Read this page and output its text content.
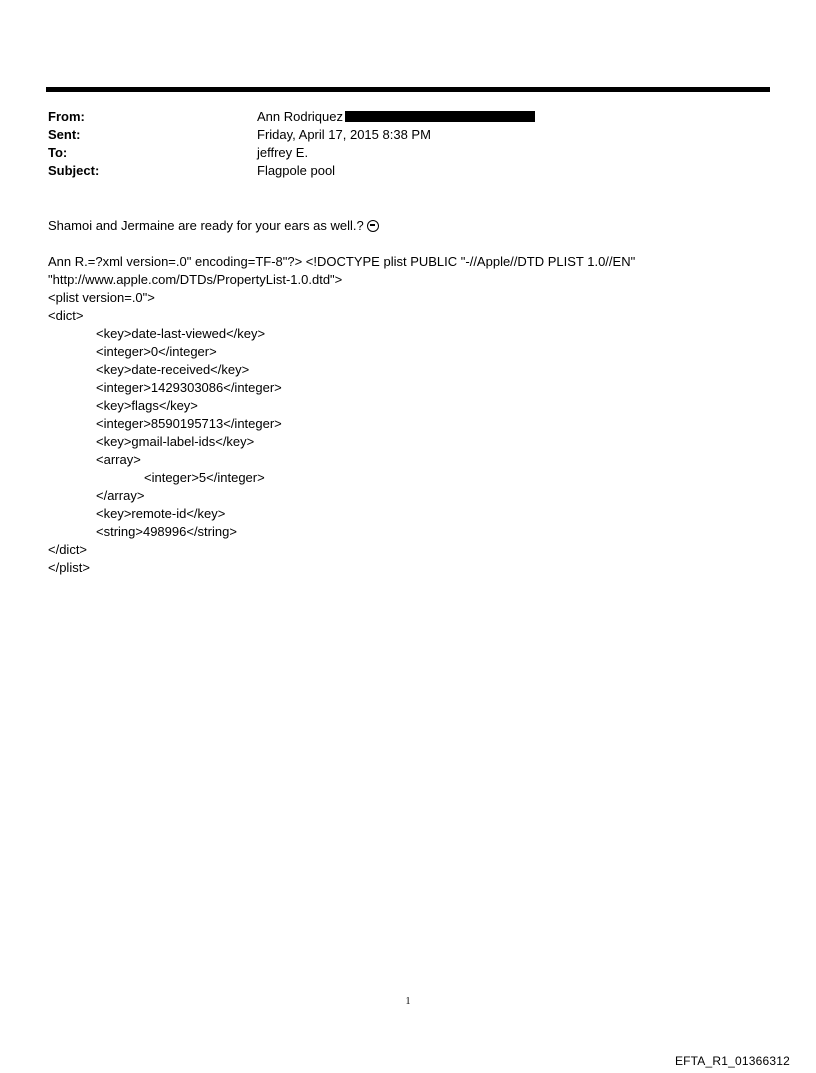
From:	Ann Rodriquez
Sent:	Friday, April 17, 2015 8:38 PM
To:	jeffrey E.
Subject:	Flagpole pool
Shamoi and Jermaine are ready for your ears as well.?
Ann R.=?xml version=.0" encoding=TF-8"?> <!DOCTYPE plist PUBLIC "-//Apple//DTD PLIST 1.0//EN"
"http://www.apple.com/DTDs/PropertyList-1.0.dtd">
<plist version=.0">
<dict>
<key>date-last-viewed</key>
<integer>0</integer>
<key>date-received</key>
<integer>1429303086</integer>
<key>flags</key>
<integer>8590195713</integer>
<key>gmail-label-ids</key>
<array>
<integer>5</integer>
</array>
<key>remote-id</key>
<string>498996</string>
</dict>
</plist>
1
EFTA_R1_01366312
